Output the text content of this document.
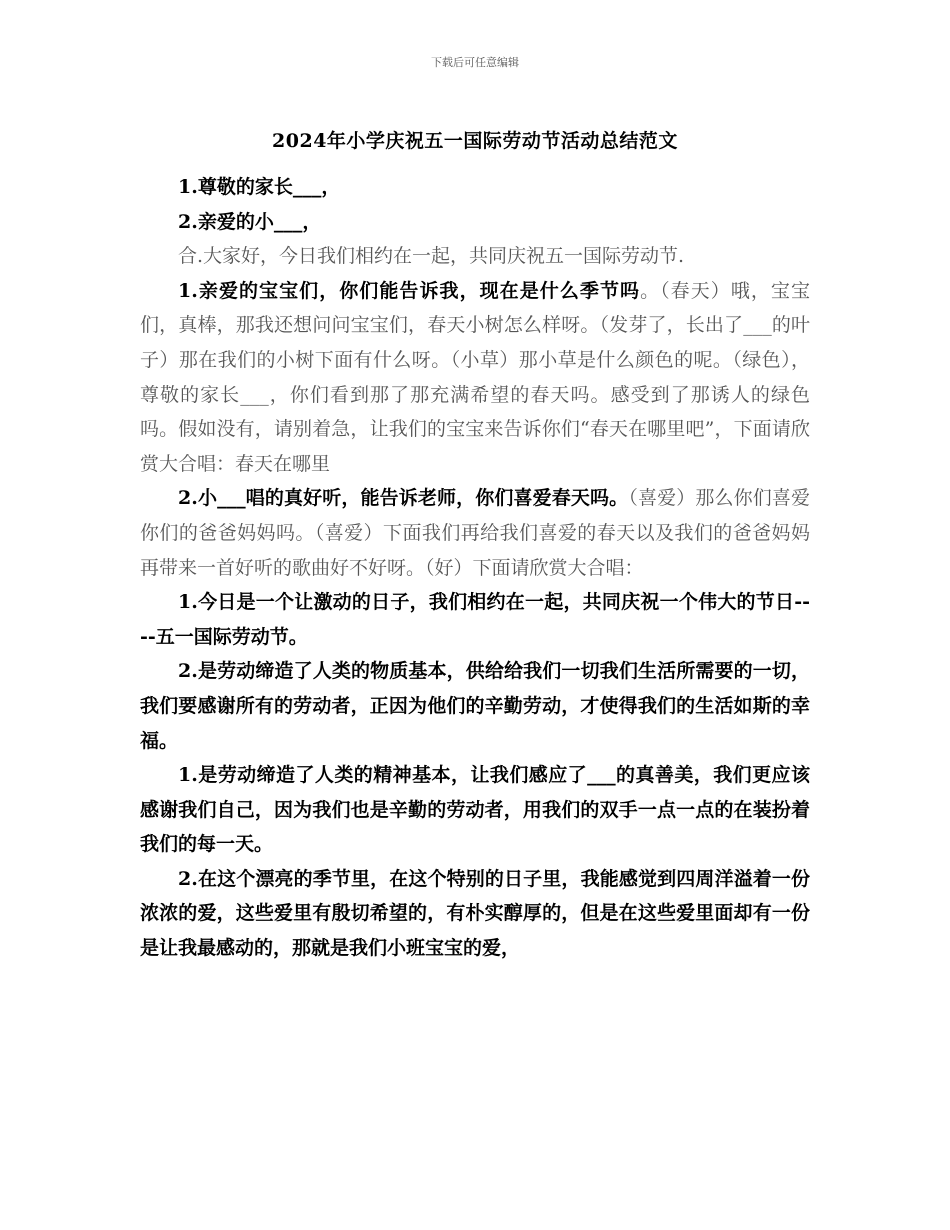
下载后可任意编辑
2024年小学庆祝五一国际劳动节活动总结范文

1.尊敬的家长___，

2.亲爱的小___，

合.大家好，今日我们相约在一起，共同庆祝五一国际劳动节.

1.亲爱的宝宝们，你们能告诉我，现在是什么季节吗。（春天）哦，宝宝们，真棒，那我还想问问宝宝们，春天小树怎么样呀。（发芽了，长出了___的叶子）那在我们的小树下面有什么呀。（小草）那小草是什么颜色的呢。（绿色），尊敬的家长___，你们看到那了那充满希望的春天吗。感受到了那诱人的绿色吗。假如没有，请别着急，让我们的宝宝来告诉你们“春天在哪里吧”，下面请欣赏大合唱：春天在哪里

2.小___唱的真好听，能告诉老师，你们喜爱春天吗。（喜爱）那么你们喜爱你们的爸爸妈妈吗。（喜爱）下面我们再给我们喜爱的春天以及我们的爸爸妈妈再带来一首好听的歌曲好不好呀。（好）下面请欣赏大合唱：

1.今日是一个让激动的日子，我们相约在一起，共同庆祝一个伟大的节日----五一国际劳动节。

2.是劳动缔造了人类的物质基本，供给给我们一切我们生活所需要的一切，我们要感谢所有的劳动者，正因为他们的辛勤劳动，才使得我们的生活如斯的幸福。

1.是劳动缔造了人类的精神基本，让我们感应了___的真善美，我们更应该感谢我们自己，因为我们也是辛勤的劳动者，用我们的双手一点一点的在装扮着我们的每一天。

2.在这个漂亮的季节里，在这个特别的日子里，我能感觉到四周洋溢着一份浓浓的爱，这些爱里有殷切希望的，有朴实醇厚的，但是在这些爱里面却有一份是让我最感动的，那就是我们小班宝宝的爱，
